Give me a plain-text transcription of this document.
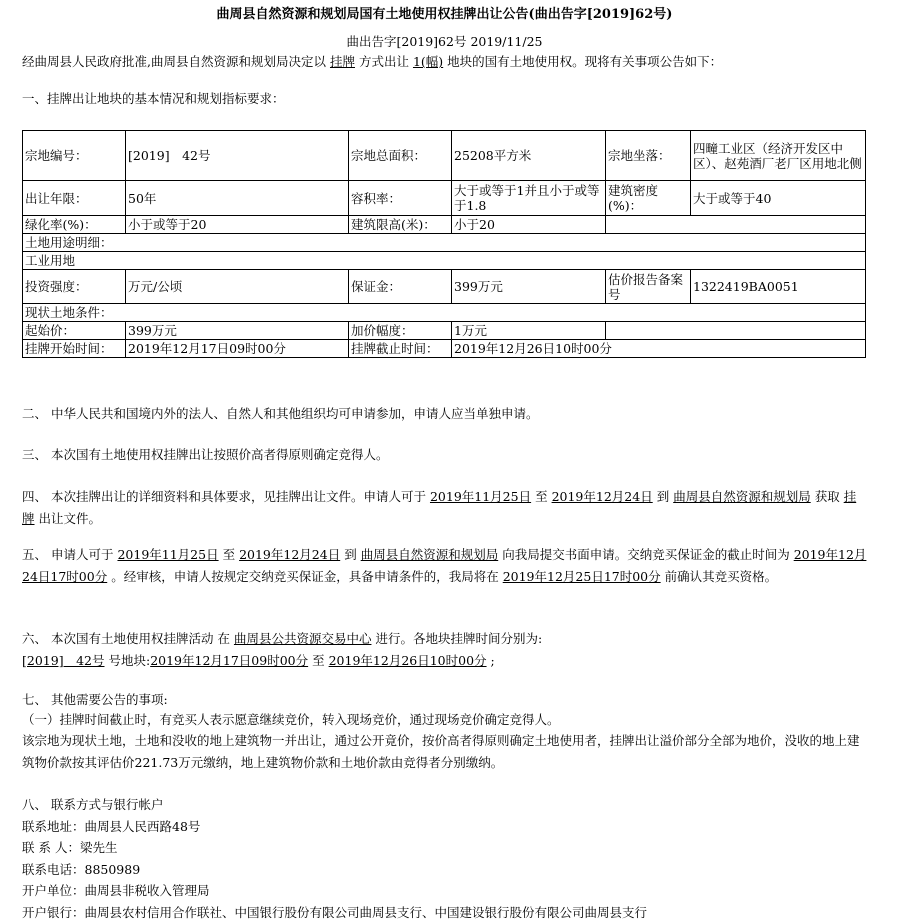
曲周县自然资源和规划局国有土地使用权挂牌出让公告(曲出告字[2019]62号)
曲出告字[2019]62号 2019/11/25
经曲周县人民政府批准,曲周县自然资源和规划局决定以 挂牌 方式出让 1(幅) 地块的国有土地使用权。现将有关事项公告如下：
一、挂牌出让地块的基本情况和规划指标要求：
宗地编号：	[2019]　42号	宗地总面积：	25208平方米	宗地坐落：	四疃工业区（经济开发区中区）、赵苑酒厂老厂区用地北侧
出让年限：	50年	容积率：	大于或等于1并且小于或等于1.8	建筑密度(%)：	大于或等于40
绿化率(%)：	小于或等于20	建筑限高(米)：	小于20		
土地用途明细：					
工业用地					
投资强度：	万元/公顷	保证金：	399万元	估价报告备案号	1322419BA0051
现状土地条件：					
起始价：	399万元	加价幅度：	1万元		
挂牌开始时间：	2019年12月17日09时00分	挂牌截止时间：	2019年12月26日10时00分		
二、 中华人民共和国境内外的法人、自然人和其他组织均可申请参加，申请人应当单独申请。
三、 本次国有土地使用权挂牌出让按照价高者得原则确定竞得人。
四、 本次挂牌出让的详细资料和具体要求，见挂牌出让文件。申请人可于 2019年11月25日 至 2019年12月24日 到 曲周县自然资源和规划局 获取 挂牌 出让文件。
五、 申请人可于 2019年11月25日 至 2019年12月24日 到 曲周县自然资源和规划局 向我局提交书面申请。交纳竞买保证金的截止时间为 2019年12月24日17时00分 。经审核，申请人按规定交纳竞买保证金，具备申请条件的，我局将在 2019年12月25日17时00分 前确认其竞买资格。
六、 本次国有土地使用权挂牌活动 在 曲周县公共资源交易中心 进行。各地块挂牌时间分别为:
[2019]　42号 号地块:2019年12月17日09时00分 至 2019年12月26日10时00分 ;
七、 其他需要公告的事项:
（一）挂牌时间截止时，有竞买人表示愿意继续竞价，转入现场竞价，通过现场竞价确定竞得人。
该宗地为现状土地，土地和没收的地上建筑物一并出让，通过公开竟价，按价高者得原则确定土地使用者，挂牌出让溢价部分全部为地价，没收的地上建筑物价款按其评估价221.73万元缴纳，地上建筑物价款和土地价款由竞得者分别缴纳。
八、 联系方式与银行帐户
联系地址：曲周县人民西路48号
联 系 人：梁先生
联系电话：8850989
开户单位：曲周县非税收入管理局
开户银行：曲周县农村信用合作联社、中国银行股份有限公司曲周县支行、中国建设银行股份有限公司曲周县支行
